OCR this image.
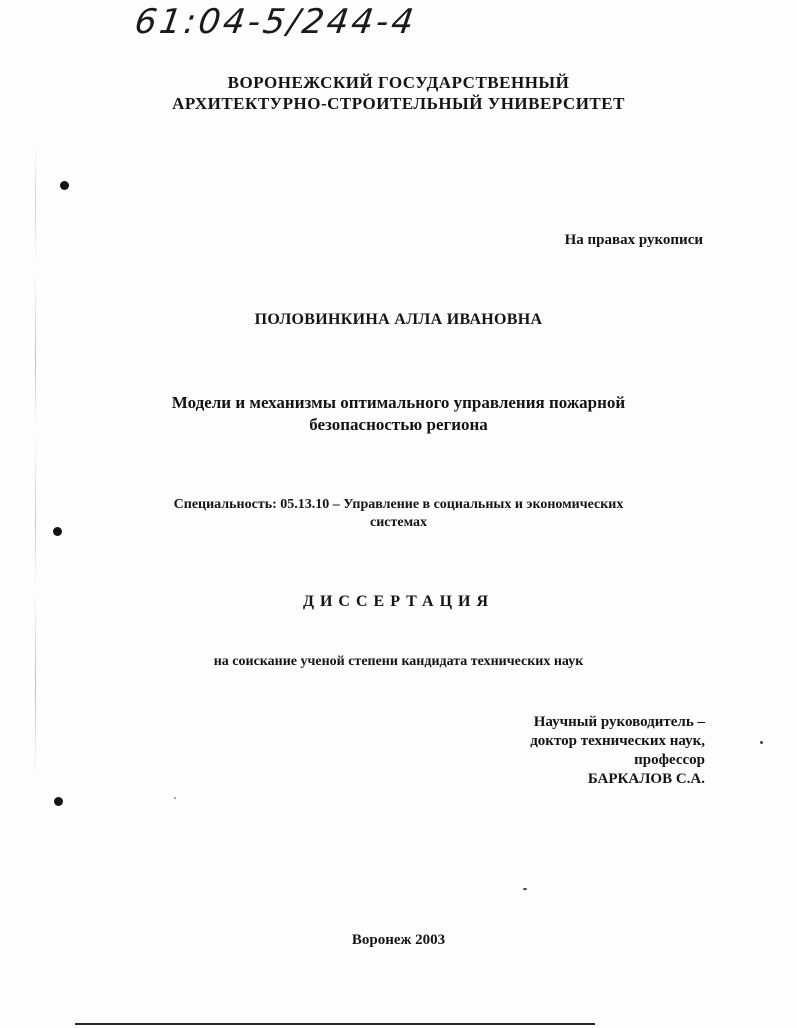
61:04-5/244-4
ВОРОНЕЖСКИЙ ГОСУДАРСТВЕННЫЙ
АРХИТЕКТУРНО-СТРОИТЕЛЬНЫЙ УНИВЕРСИТЕТ
На правах рукописи
ПОЛОВИНКИНА АЛЛА ИВАНОВНА
Модели и механизмы оптимального управления пожарной
безопасностью региона
Специальность: 05.13.10 – Управление в социальных и экономических
системах
ДИССЕРТАЦИЯ
на соискание ученой степени кандидата технических наук
Научный руководитель –
доктор технических наук,
профессор
БАРКАЛОВ С.А.
Воронеж 2003
